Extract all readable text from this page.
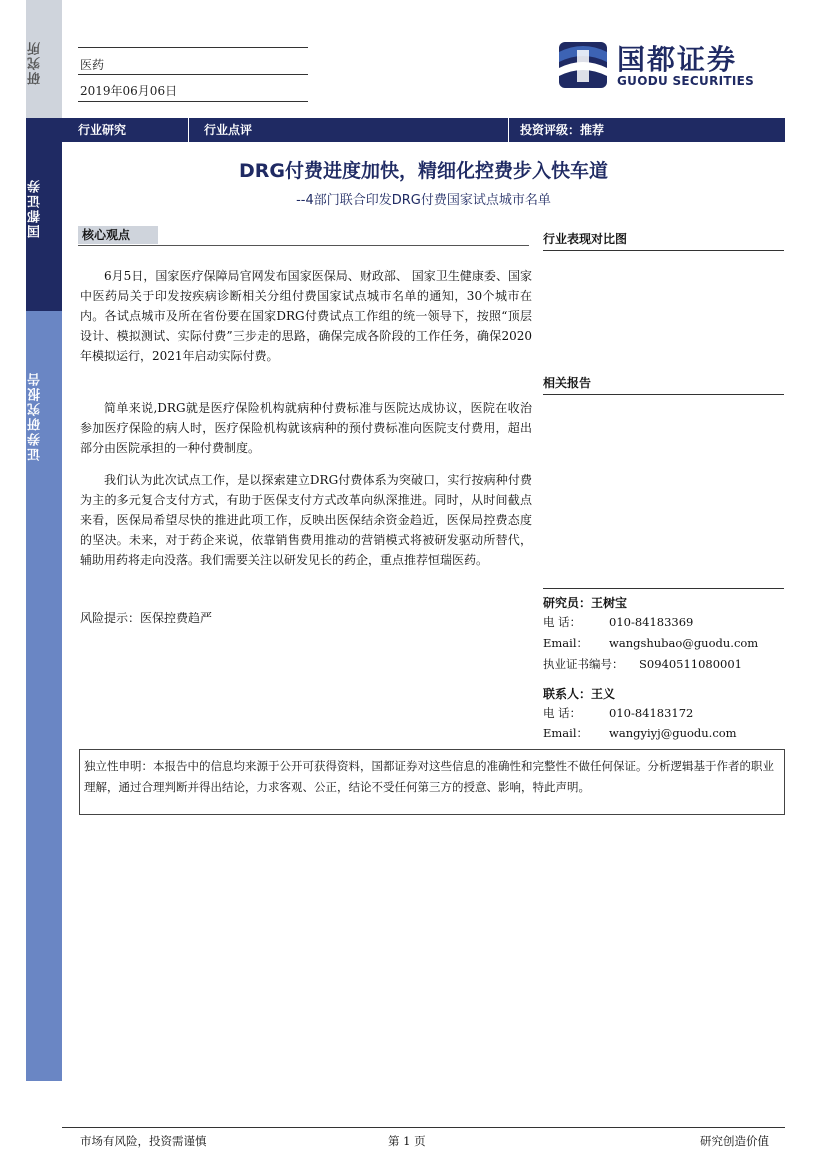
研究所
国都证券
证券研究报告
医药
2019年06月06日
国都证券
GUODU SECURITIES
行业研究	行业点评	投资评级：推荐
DRG付费进度加快，精细化控费步入快车道
--4部门联合印发DRG付费国家试点城市名单
核心观点

6月5日，国家医疗保障局官网发布国家医保局、财政部、 国家卫生健康委、国家中医药局关于印发按疾病诊断相关分组付费国家试点城市名单的通知，30个城市在内。各试点城市及所在省份要在国家DRG付费试点工作组的统一领导下，按照“顶层设计、模拟测试、实际付费”三步走的思路，确保完成各阶段的工作任务，确保2020年模拟运行，2021年启动实际付费。

简单来说,DRG就是医疗保险机构就病种付费标准与医院达成协议，医院在收治参加医疗保险的病人时，医疗保险机构就该病种的预付费标准向医院支付费用，超出部分由医院承担的一种付费制度。

我们认为此次试点工作，是以探索建立DRG付费体系为突破口，实行按病种付费为主的多元复合支付方式，有助于医保支付方式改革向纵深推进。同时，从时间截点来看，医保局希望尽快的推进此项工作，反映出医保结余资金趋近，医保局控费态度的坚决。未来，对于药企来说，依靠销售费用推动的营销模式将被研发驱动所替代，辅助用药将走向没落。我们需要关注以研发见长的药企，重点推荐恒瑞医药。

风险提示：医保控费趋严
行业表现对比图
相关报告
研究员：王树宝
电 话： 010-84183369
Email： wangshubao@guodu.com
执业证书编号： S0940511080001
联系人：王义
电 话： 010-84183172
Email： wangyiyj@guodu.com
独立性申明：本报告中的信息均来源于公开可获得资料，国都证券对这些信息的准确性和完整性不做任何保证。分析逻辑基于作者的职业理解，通过合理判断并得出结论，力求客观、公正，结论不受任何第三方的授意、影响，特此声明。
市场有风险，投资需谨慎	第 1 页	研究创造价值
